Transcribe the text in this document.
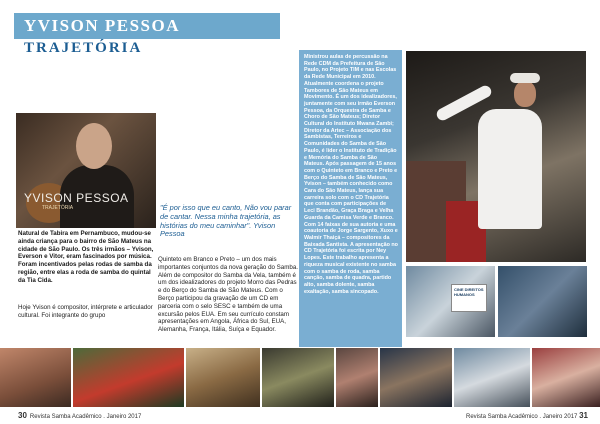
YVISON PESSOA
TRAJETÓRIA
YVISON PESSOA
TRAJETÓRIA
Natural de Tabira em Pernambuco, mudou-se ainda criança para o bairro de São Mateus na cidade de São Paulo. Os três irmãos – Yvison, Everson e Vitor, eram fascinados por música. Foram incentivados pelas rodas de samba da região, entre elas a roda de samba do quintal da Tia Cida.
Hoje Yvison é compositor, intérprete e articulador cultural. Foi integrante do grupo
"É por isso que eu canto, Não vou parar de cantar. Nessa minha trajetória, as histórias do meu caminhar". Yvison Pessoa
Quinteto em Branco e Preto – um dos mais importantes conjuntos da nova geração do Samba. Além de compositor do Samba da Vela, também é um dos idealizadores do projeto Morro das Pedras e do Berço do Samba de São Mateus. Com o Berço participou da gravação de um CD em parceria com o selo SESC e também de uma excursão pelos EUA. Em seu currículo constam apresentações em Angola, África do Sul, EUA, Alemanha, França, Itália, Suíça e Equador.

Ministrou aulas de percussão na Rede CDM da Prefeitura de São Paulo, no Projeto TIM e nas Escolas da Rede Municipal em 2010. Atualmente coordena o projeto Tambores de São Mateus em Movimento. É um dos idealizadores, juntamente com seu irmão Everson Pessoa, da Orquestra de Samba e Choro de São Mateus; Diretor Cultural do Instituto Mwana Zambi; Diretor da Artec – Associação dos Sambistas, Terreiros e Comunidades do Samba de São Paulo, é líder o Instituto de Tradição e Memória do Samba de São Mateus. Após passagem de 15 anos com o Quinteto em Branco e Preto e Berço do Samba de São Mateus, Yvison – também conhecido como Cara do São Mateus, lança sua carreira solo com o CD Trajetória que conta com participações de Leci Brandão, Graça Braga e Velha Guarda da Camisa Verde e Branco. Com 14 faixas de sua autoria e uma coautoria de Jorge Sargento, Xuxo e Walmir Thaiçá – compositores da Baixada Santista. A apresentação no CD Trajetória foi escrita por Ney Lopes. Este trabalho apresenta a riqueza musical existente no samba com o samba de roda, samba canção, samba de quadra, partido alto, samba dolente, samba exaltação, samba sincopado.	CINE DIREITOS HUMANOS
30 Revista Samba Acadêmico . Janeiro 2017	Revista Samba Acadêmico . Janeiro 2017 31
